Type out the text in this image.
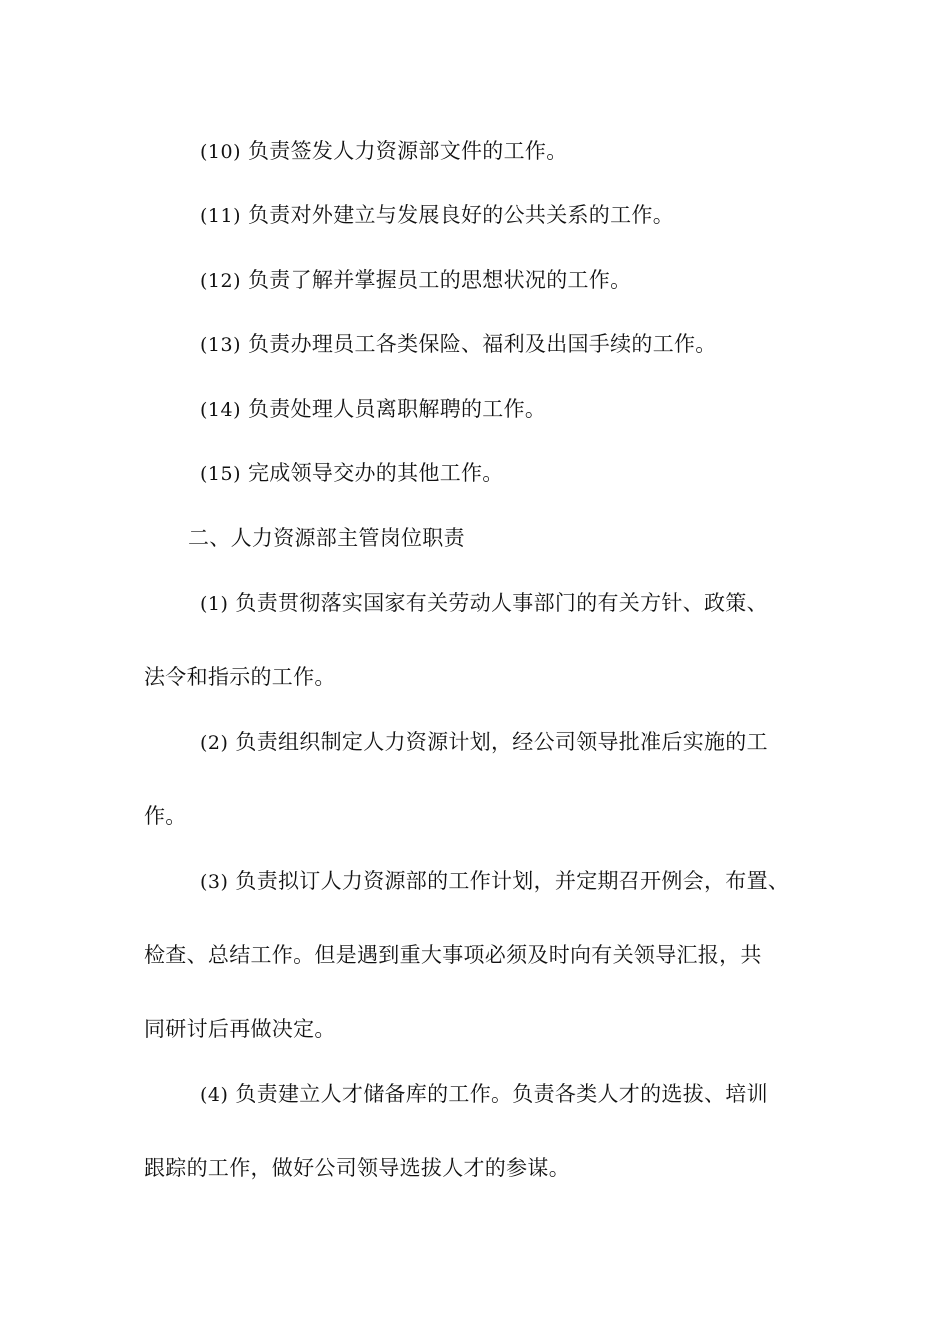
(10) 负责签发人力资源部文件的工作。
(11) 负责对外建立与发展良好的公共关系的工作。
(12) 负责了解并掌握员工的思想状况的工作。
(13) 负责办理员工各类保险、福利及出国手续的工作。
(14) 负责处理人员离职解聘的工作。
(15) 完成领导交办的其他工作。
二、人力资源部主管岗位职责
(1) 负责贯彻落实国家有关劳动人事部门的有关方针、政策、
法令和指示的工作。
(2) 负责组织制定人力资源计划，经公司领导批准后实施的工
作。
(3) 负责拟订人力资源部的工作计划，并定期召开例会，布置、
检查、总结工作。但是遇到重大事项必须及时向有关领导汇报，共
同研讨后再做决定。
(4) 负责建立人才储备库的工作。负责各类人才的选拔、培训
跟踪的工作，做好公司领导选拔人才的参谋。
